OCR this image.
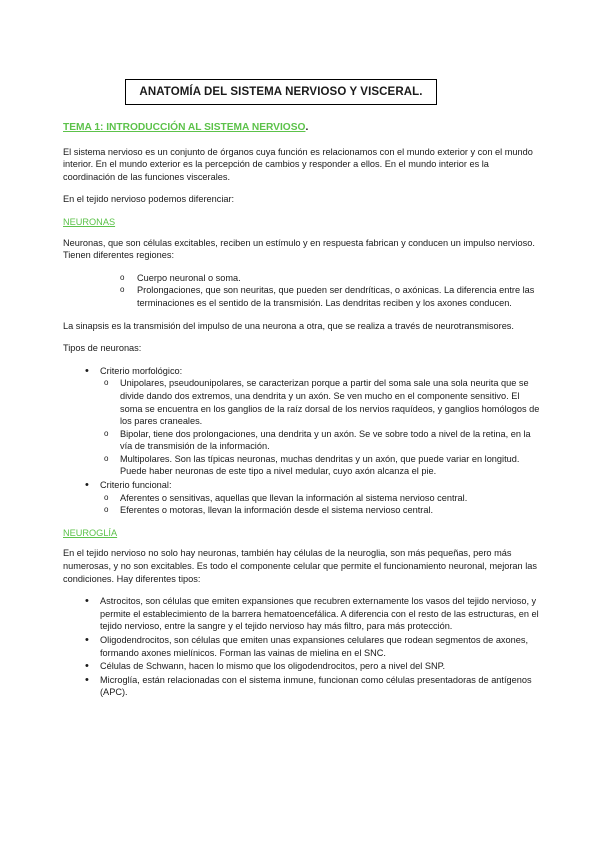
ANATOMÍA DEL SISTEMA NERVIOSO Y VISCERAL.

TEMA 1: INTRODUCCIÓN AL SISTEMA NERVIOSO.

El sistema nervioso es un conjunto de órganos cuya función es relacionamos con el mundo exterior y con el mundo interior. En el mundo exterior es la percepción de cambios y responder a ellos. En el mundo interior es la coordinación de las funciones viscerales.

En el tejido nervioso podemos diferenciar:

NEURONAS

Neuronas, que son células excitables, reciben un estímulo y en respuesta fabrican y conducen un impulso nervioso. Tienen diferentes regiones:

o Cuerpo neuronal o soma.
o Prolongaciones, que son neuritas, que pueden ser dendríticas, o axónicas. La diferencia entre las terminaciones es el sentido de la transmisión. Las dendritas reciben y los axones conducen.

La sinapsis es la transmisión del impulso de una neurona a otra, que se realiza a través de neurotransmisores.

Tipos de neuronas:

• Criterio morfológico:
o Unipolares, pseudounipolares, se caracterizan porque a partir del soma sale una sola neurita que se divide dando dos extremos, una dendrita y un axón. Se ven mucho en el componente sensitivo. El soma se encuentra en los ganglios de la raíz dorsal de los nervios raquídeos, y ganglios homólogos de los pares craneales.
o Bipolar, tiene dos prolongaciones, una dendrita y un axón. Se ve sobre todo a nivel de la retina, en la vía de transmisión de la información.
o Multipolares. Son las típicas neuronas, muchas dendritas y un axón, que puede variar en longitud. Puede haber neuronas de este tipo a nivel medular, cuyo axón alcanza el pie.
• Criterio funcional:
o Aferentes o sensitivas, aquellas que llevan la información al sistema nervioso central.
o Eferentes o motoras, llevan la información desde el sistema nervioso central.

NEUROGLÍA

En el tejido nervioso no solo hay neuronas, también hay células de la neuroglia, son más pequeñas, pero más numerosas, y no son excitables. Es todo el componente celular que permite el funcionamiento neuronal, mejoran las condiciones. Hay diferentes tipos:

• Astrocitos, son células que emiten expansiones que recubren externamente los vasos del tejido nervioso, y permite el establecimiento de la barrera hematoencefálica. A diferencia con el resto de las estructuras, en el tejido nervioso, entre la sangre y el tejido nervioso hay más filtro, para más protección.
• Oligodendrocitos, son células que emiten unas expansiones celulares que rodean segmentos de axones, formando axones mielínicos. Forman las vainas de mielina en el SNC.
• Células de Schwann, hacen lo mismo que los oligodendrocitos, pero a nivel del SNP.
• Microglía, están relacionadas con el sistema inmune, funcionan como células presentadoras de antígenos (APC).
